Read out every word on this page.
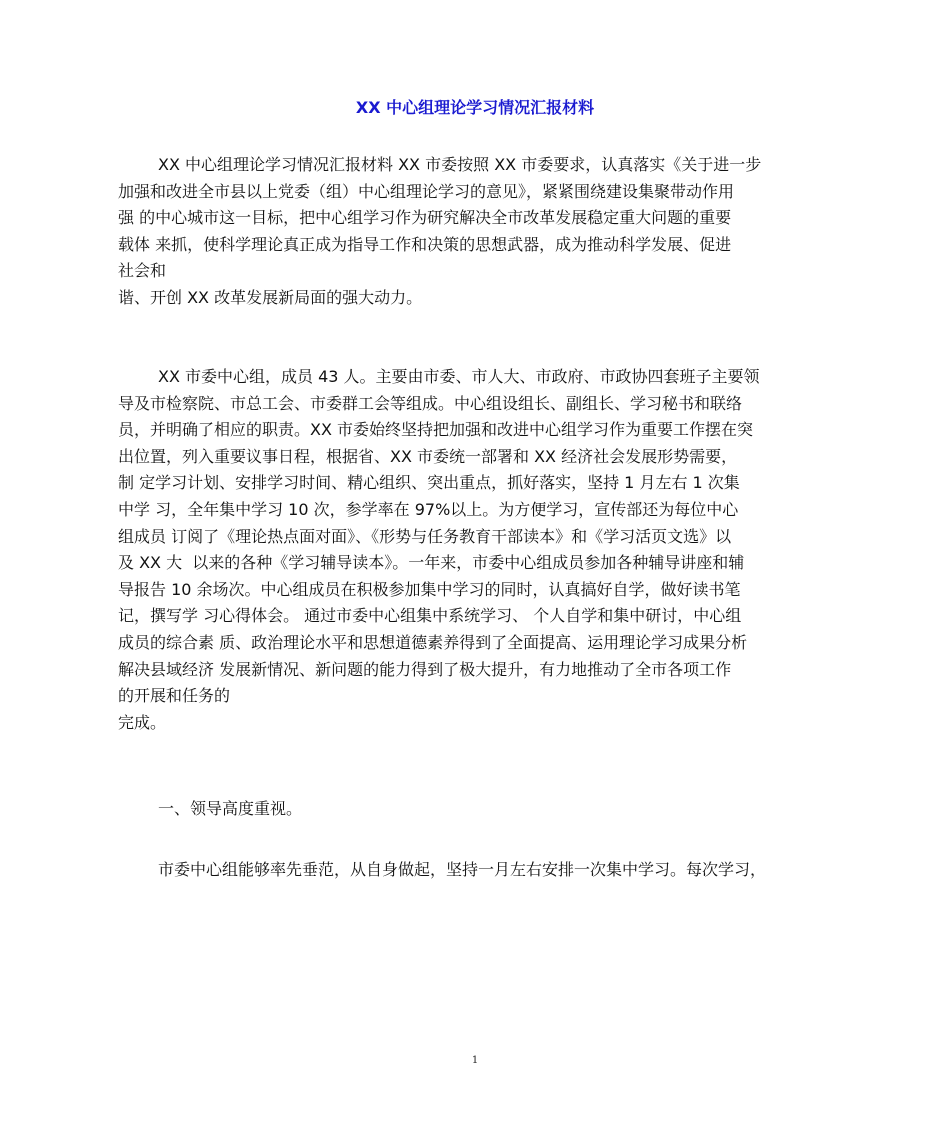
XX 中心组理论学习情况汇报材料
XX 中心组理论学习情况汇报材料 XX 市委按照 XX 市委要求，认真落实《关于进一步
加强和改进全市县以上党委（组）中心组理论学习的意见》，紧紧围绕建设集聚带动作用
强 的中心城市这一目标，把中心组学习作为研究解决全市改革发展稳定重大问题的重要
载体 来抓，使科学理论真正成为指导工作和决策的思想武器，成为推动科学发展、促进
社会和
谐、开创 XX 改革发展新局面的强大动力。
XX 市委中心组，成员 43 人。主要由市委、市人大、市政府、市政协四套班子主要领
导及市检察院、市总工会、市委群工会等组成。中心组设组长、副组长、学习秘书和联络
员，并明确了相应的职责。XX 市委始终坚持把加强和改进中心组学习作为重要工作摆在突
出位置，列入重要议事日程，根据省、XX 市委统一部署和 XX 经济社会发展形势需要，
制 定学习计划、安排学习时间、精心组织、突出重点，抓好落实，坚持 1 月左右 1 次集
中学 习，全年集中学习 10 次，参学率在 97%以上。为方便学习，宣传部还为每位中心
组成员 订阅了《理论热点面对面》、《形势与任务教育干部读本》和《学习活页文选》以
及 XX 大  以来的各种《学习辅导读本》。一年来，市委中心组成员参加各种辅导讲座和辅
导报告 10 余场次。中心组成员在积极参加集中学习的同时，认真搞好自学，做好读书笔
记，撰写学 习心得体会。 通过市委中心组集中系统学习、 个人自学和集中研讨，中心组
成员的综合素 质、政治理论水平和思想道德素养得到了全面提高、运用理论学习成果分析
解决县域经济 发展新情况、新问题的能力得到了极大提升，有力地推动了全市各项工作
的开展和任务的
完成。
一、领导高度重视。
市委中心组能够率先垂范，从自身做起，坚持一月左右安排一次集中学习。每次学习，
1
